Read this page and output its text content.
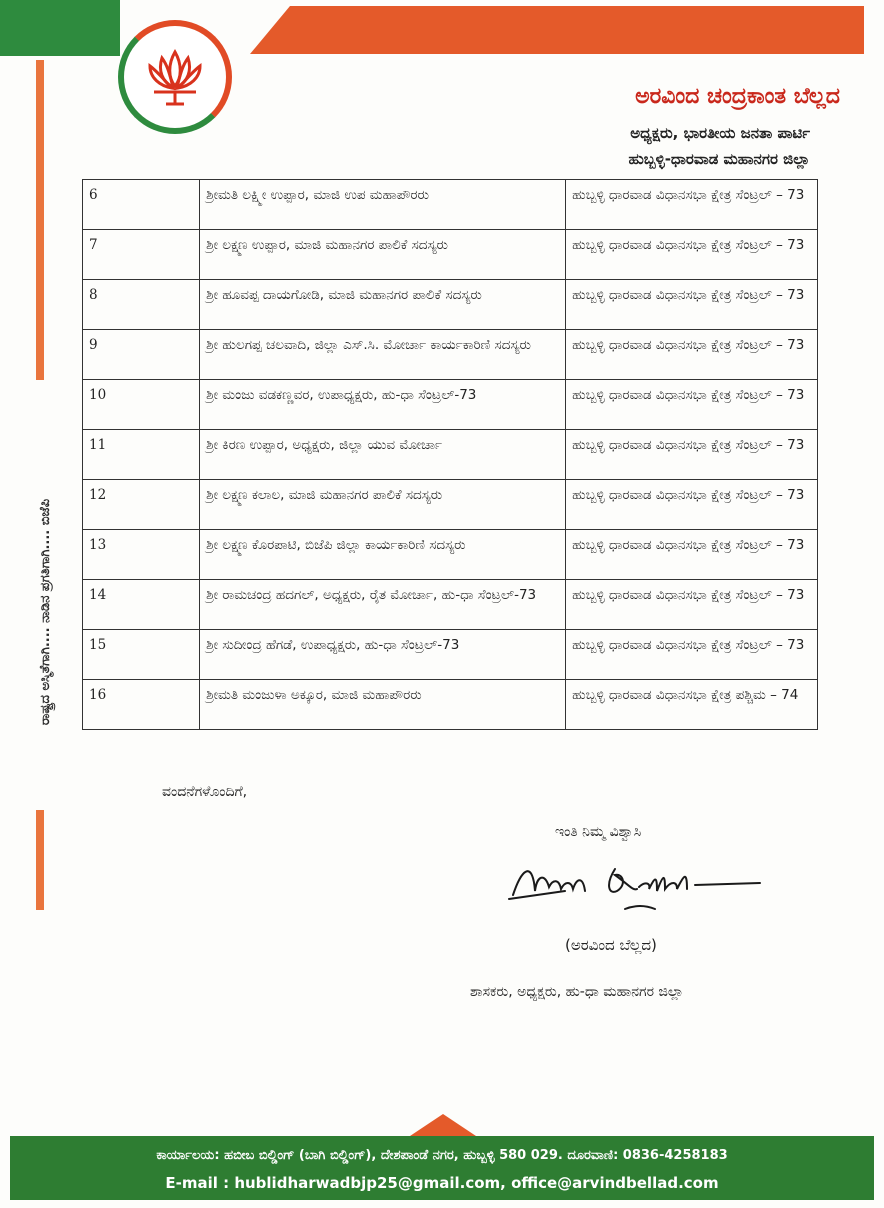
ಅರವಿಂದ ಚಂದ್ರಕಾಂತ ಬೆಲ್ಲದ
ಅಧ್ಯಕ್ಷರು, ಭಾರತೀಯ ಜನತಾ ಪಾರ್ಟಿ
ಹುಬ್ಬಳ್ಳಿ-ಧಾರವಾಡ ಮಹಾನಗರ ಜಿಲ್ಲಾ
ರಾಷ್ಟ್ರದ ಅಸ್ಮಿತೆಗಾಗಿ.... ನಾಡಿನ ಪ್ರಗತಿಗಾಗಿ.... ಬಿಜೆಪಿ
6	ಶ್ರೀಮತಿ ಲಕ್ಷ್ಮೀ ಉಪ್ಪಾರ, ಮಾಜಿ ಉಪ ಮಹಾಪೌರರು	ಹುಬ್ಬಳ್ಳಿ ಧಾರವಾಡ ವಿಧಾನಸಭಾ ಕ್ಷೇತ್ರ ಸೆಂಟ್ರಲ್ – 73
7	ಶ್ರೀ ಲಕ್ಷ್ಮಣ ಉಪ್ಪಾರ, ಮಾಜಿ ಮಹಾನಗರ ಪಾಲಿಕೆ ಸದಸ್ಯರು	ಹುಬ್ಬಳ್ಳಿ ಧಾರವಾಡ ವಿಧಾನಸಭಾ ಕ್ಷೇತ್ರ ಸೆಂಟ್ರಲ್ – 73
8	ಶ್ರೀ ಹೂವಪ್ಪ ದಾಯಗೋಡಿ, ಮಾಜಿ ಮಹಾನಗರ ಪಾಲಿಕೆ ಸದಸ್ಯರು	ಹುಬ್ಬಳ್ಳಿ ಧಾರವಾಡ ವಿಧಾನಸಭಾ ಕ್ಷೇತ್ರ ಸೆಂಟ್ರಲ್ – 73
9	ಶ್ರೀ ಹುಲಗಪ್ಪ ಚಲವಾದಿ, ಜಿಲ್ಲಾ ಎಸ್.ಸಿ. ಮೋರ್ಚಾ ಕಾರ್ಯಕಾರಿಣಿ ಸದಸ್ಯರು	ಹುಬ್ಬಳ್ಳಿ ಧಾರವಾಡ ವಿಧಾನಸಭಾ ಕ್ಷೇತ್ರ ಸೆಂಟ್ರಲ್ – 73
10	ಶ್ರೀ ಮಂಜು ವಡಕಣ್ಣವರ, ಉಪಾಧ್ಯಕ್ಷರು, ಹು-ಧಾ ಸೆಂಟ್ರಲ್-73	ಹುಬ್ಬಳ್ಳಿ ಧಾರವಾಡ ವಿಧಾನಸಭಾ ಕ್ಷೇತ್ರ ಸೆಂಟ್ರಲ್ – 73
11	ಶ್ರೀ ಕಿರಣ ಉಪ್ಪಾರ, ಅಧ್ಯಕ್ಷರು, ಜಿಲ್ಲಾ ಯುವ ಮೋರ್ಚಾ	ಹುಬ್ಬಳ್ಳಿ ಧಾರವಾಡ ವಿಧಾನಸಭಾ ಕ್ಷೇತ್ರ ಸೆಂಟ್ರಲ್ – 73
12	ಶ್ರೀ ಲಕ್ಷ್ಮಣ ಕಲಾಲ, ಮಾಜಿ ಮಹಾನಗರ ಪಾಲಿಕೆ ಸದಸ್ಯರು	ಹುಬ್ಬಳ್ಳಿ ಧಾರವಾಡ ವಿಧಾನಸಭಾ ಕ್ಷೇತ್ರ ಸೆಂಟ್ರಲ್ – 73
13	ಶ್ರೀ ಲಕ್ಷ್ಮಣ ಕೊರಪಾಟಿ, ಬಿಜೆಪಿ ಜಿಲ್ಲಾ ಕಾರ್ಯಕಾರಿಣಿ ಸದಸ್ಯರು	ಹುಬ್ಬಳ್ಳಿ ಧಾರವಾಡ ವಿಧಾನಸಭಾ ಕ್ಷೇತ್ರ ಸೆಂಟ್ರಲ್ – 73
14	ಶ್ರೀ ರಾಮಚಂದ್ರ ಹದಗಲ್, ಅಧ್ಯಕ್ಷರು, ರೈತ ಮೋರ್ಚಾ, ಹು-ಧಾ ಸೆಂಟ್ರಲ್-73	ಹುಬ್ಬಳ್ಳಿ ಧಾರವಾಡ ವಿಧಾನಸಭಾ ಕ್ಷೇತ್ರ ಸೆಂಟ್ರಲ್ – 73
15	ಶ್ರೀ ಸುದೀಂದ್ರ ಹೆಗಡೆ, ಉಪಾಧ್ಯಕ್ಷರು, ಹು-ಧಾ ಸೆಂಟ್ರಲ್-73	ಹುಬ್ಬಳ್ಳಿ ಧಾರವಾಡ ವಿಧಾನಸಭಾ ಕ್ಷೇತ್ರ ಸೆಂಟ್ರಲ್ – 73
16	ಶ್ರೀಮತಿ ಮಂಜುಳಾ ಅಕ್ಕೂರ, ಮಾಜಿ ಮಹಾಪೌರರು	ಹುಬ್ಬಳ್ಳಿ ಧಾರವಾಡ ವಿಧಾನಸಭಾ ಕ್ಷೇತ್ರ ಪಶ್ಚಿಮ – 74
ವಂದನೆಗಳೊಂದಿಗೆ,
ಇಂತಿ ನಿಮ್ಮ ವಿಶ್ವಾಸಿ
(ಅರವಿಂದ ಬೆಲ್ಲದ)
ಶಾಸಕರು, ಅಧ್ಯಕ್ಷರು, ಹು-ಧಾ ಮಹಾನಗರ ಜಿಲ್ಲಾ
ಕಾರ್ಯಾಲಯ: ಹಬೀಬ ಬಿಲ್ಡಿಂಗ್ (ಬಾಗಿ ಬಿಲ್ಡಿಂಗ್), ದೇಶಪಾಂಡೆ ನಗರ, ಹುಬ್ಬಳ್ಳಿ 580 029. ದೂರವಾಣಿ: 0836-4258183
E-mail : hublidharwadbjp25@gmail.com, office@arvindbellad.com
